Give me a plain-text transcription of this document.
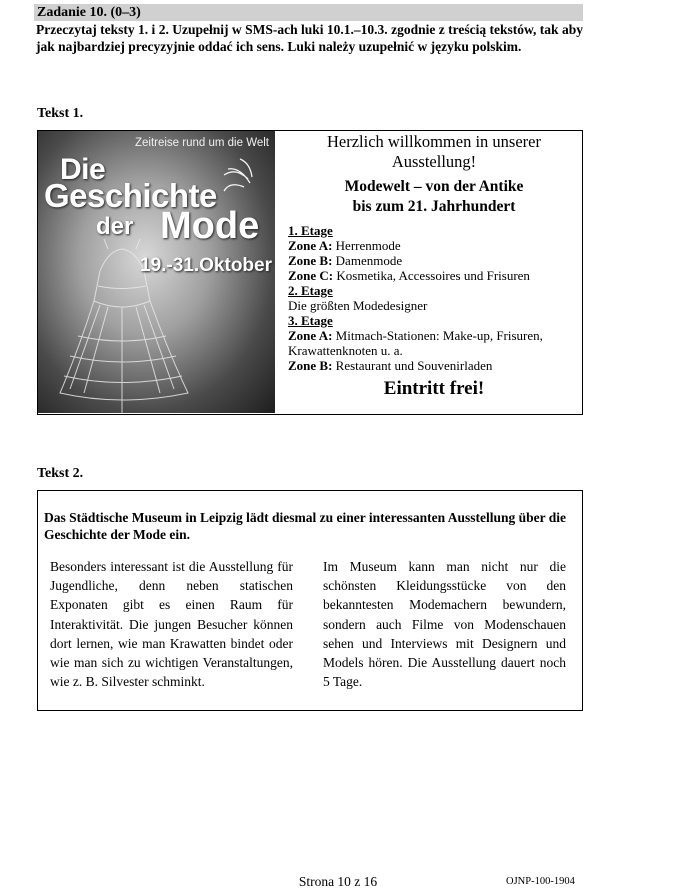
Zadanie 10. (0–3)
Przeczytaj teksty 1. i 2. Uzupełnij w SMS-ach luki 10.1.–10.3. zgodnie z treścią tekstów, tak aby jak najbardziej precyzyjnie oddać ich sens. Luki należy uzupełnić w języku polskim.
Tekst 1.
Zeitreise rund um die Welt
Die
Geschichte
der Mode
19.-31.Oktober
Herzlich willkommen in unserer Ausstellung!
Modewelt – von der Antike
bis zum 21. Jahrhundert
1. Etage
Zone A: Herrenmode
Zone B: Damenmode
Zone C: Kosmetika, Accessoires und Frisuren
2. Etage
Die größten Modedesigner
3. Etage
Zone A: Mitmach-Stationen: Make-up, Frisuren, Krawattenknoten u. a.
Zone B: Restaurant und Souvenirladen
Eintritt frei!
Tekst 2.
Das Städtische Museum in Leipzig lädt diesmal zu einer interessanten Ausstellung über die Geschichte der Mode ein.
Besonders interessant ist die Ausstellung für Jugendliche, denn neben statischen Exponaten gibt es einen Raum für Interaktivität. Die jungen Besucher können dort lernen, wie man Krawatten bindet oder wie man sich zu wichtigen Veranstaltungen, wie z. B. Silvester schminkt.
Im Museum kann man nicht nur die schönsten Kleidungsstücke von den bekanntesten Modemachern bewundern, sondern auch Filme von Modenschauen sehen und Interviews mit Designern und Models hören. Die Ausstellung dauert noch 5 Tage.
Strona 10 z 16	OJNP-100-1904
